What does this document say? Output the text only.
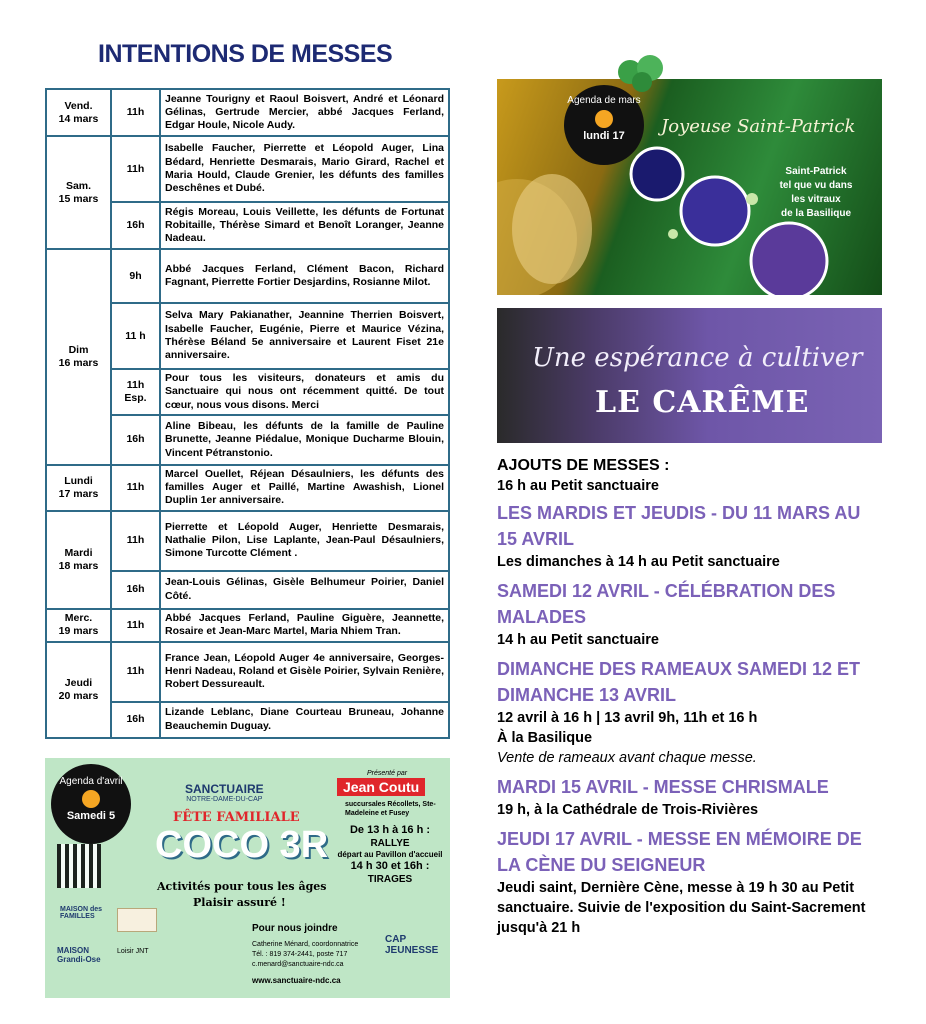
INTENTIONS DE MESSES
Vend.
14 mars	11h	Jeanne Tourigny et Raoul Boisvert, André et Léonard Gélinas, Gertrude Mercier, abbé Jacques Ferland, Edgar Houle, Nicole Audy.

Sam.
15 mars	11h	Isabelle Faucher, Pierrette et Léopold Auger, Lina Bédard, Henriette Desmarais, Mario Girard, Rachel et Maria Hould, Claude Grenier, les défunts des familles Deschênes et Dubé.
	16h	Régis Moreau, Louis Veillette, les défunts de Fortunat Robitaille, Thérèse Simard et Benoît Loranger, Jeanne Nadeau.

Dim
16 mars	9h	Abbé Jacques Ferland, Clément Bacon, Richard Fagnant, Pierrette Fortier Desjardins, Rosianne Milot.
	11 h	Selva Mary Pakianather, Jeannine Therrien Boisvert, Isabelle Faucher, Eugénie, Pierre et Maurice Vézina, Thérèse Béland 5e anniversaire et Laurent Fiset 21e anniversaire.
	11h Esp.	Pour tous les visiteurs, donateurs et amis du Sanctuaire qui nous ont récemment quitté. De tout cœur, nous vous disons. Merci
	16h	Aline Bibeau, les défunts de la famille de Pauline Brunette, Jeanne Piédalue, Monique Ducharme Blouin, Vincent Pétranstonio.

Lundi
17 mars	11h	Marcel Ouellet, Réjean Désaulniers, les défunts des familles Auger et Paillé, Martine Awashish, Lionel Duplin 1er anniversaire.

Mardi
18 mars	11h	Pierrette et Léopold Auger, Henriette Desmarais, Nathalie Pilon, Lise Laplante, Jean-Paul Désaulniers, Simone Turcotte Clément .
	16h	Jean-Louis Gélinas, Gisèle Belhumeur Poirier, Daniel Côté.

Merc.
19 mars	11h	Abbé Jacques Ferland, Pauline Giguère, Jeannette, Rosaire et Jean-Marc Martel, Maria Nhiem Tran.

Jeudi
20 mars	11h	France Jean, Léopold Auger 4e anniversaire, Georges-Henri Nadeau, Roland et Gisèle Poirier, Sylvain Renière, Robert Dessureault.
	16h	Lizande Leblanc, Diane Courteau Bruneau, Johanne Beauchemin Duguay.
Agenda de mars
lundi 17	Joyeuse Saint-Patrick
Saint-Patrick
tel que vu dans
les vitraux
de la Basilique
Une espérance à cultiver
LE CARÊME
Agenda d'avril
Samedi 5
SANCTUAIRE
NOTRE-DAME-DU-CAP
Présenté par
Jean Coutu
succursales Récollets, Ste-Madeleine et Fusey
FÊTE FAMILIALE
COCO 3R	De 13 h à 16 h :
RALLYE
départ au Pavillon d'accueil
14 h 30 et 16h :
TIRAGES
Activités pour tous les âges
Plaisir assuré !
MAISON des FAMILLES
MAISON Grandi-Ose
Loisir JNT
Pour nous joindre
Catherine Ménard, coordonnatrice
Tél. : 819 374-2441, poste 717
c.menard@sanctuaire-ndc.ca
www.sanctuaire-ndc.ca
CAP JEUNESSE
AJOUTS DE MESSES :
16 h au Petit sanctuaire
LES MARDIS ET JEUDIS - DU 11 MARS AU 15 AVRIL
Les dimanches à 14 h au Petit sanctuaire
SAMEDI 12 AVRIL - CÉLÉBRATION DES MALADES
14 h au Petit sanctuaire
DIMANCHE DES RAMEAUX SAMEDI 12 ET DIMANCHE 13 AVRIL
12 avril à 16 h | 13 avril 9h, 11h et 16 h
À la Basilique
Vente de rameaux avant chaque messe.
MARDI 15 AVRIL - MESSE CHRISMALE
19 h, à la Cathédrale de Trois-Rivières
JEUDI 17 AVRIL - MESSE EN MÉMOIRE DE LA CÈNE DU SEIGNEUR
Jeudi saint, Dernière Cène, messe à 19 h 30 au Petit sanctuaire. Suivie de l'exposition du Saint-Sacrement jusqu'à 21 h
